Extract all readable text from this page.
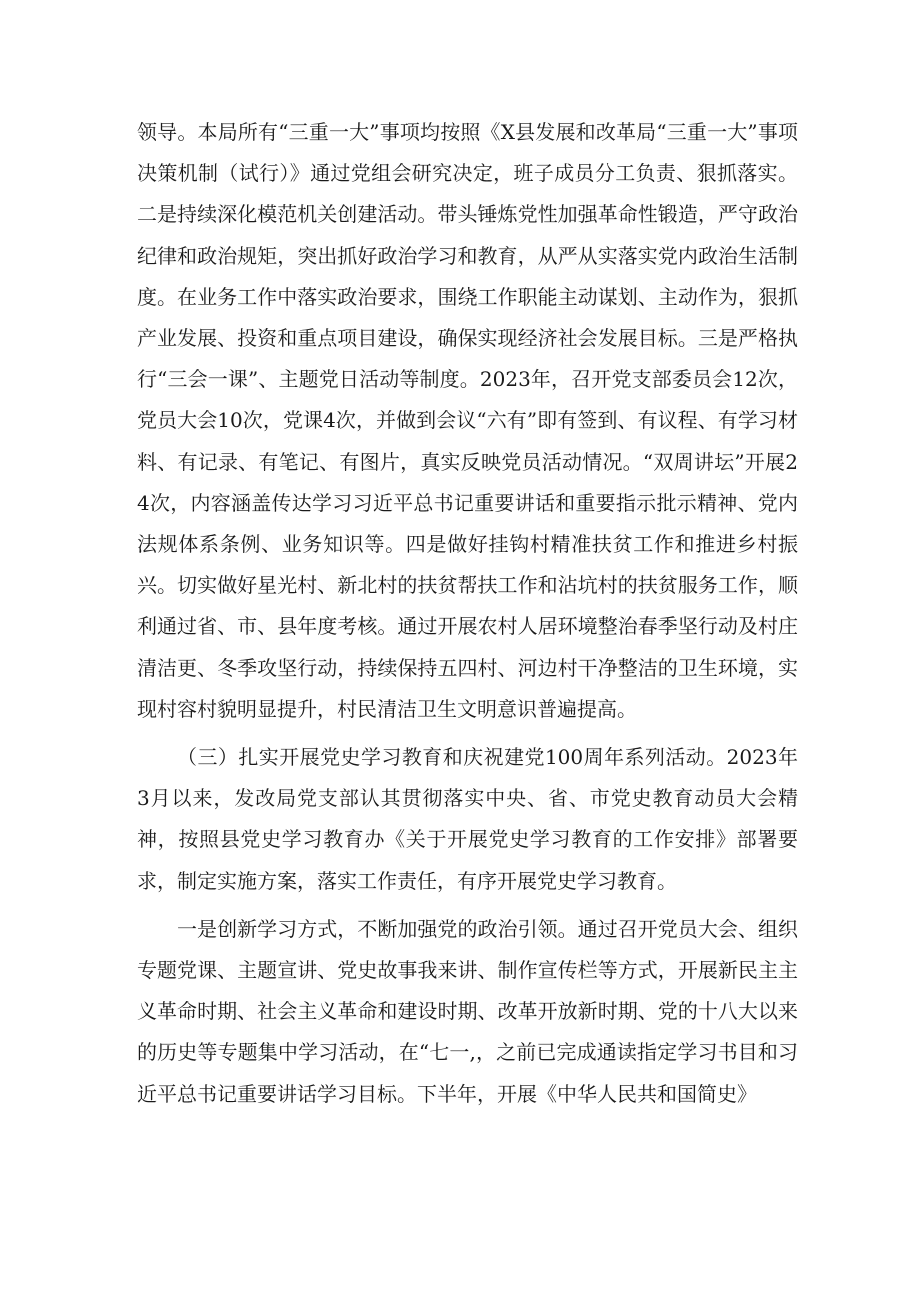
领导。本局所有“三重一大”事项均按照《X县发展和改革局“三重一大”事项决策机制（试行）》通过党组会研究决定，班子成员分工负责、狠抓落实。二是持续深化模范机关创建活动。带头锤炼党性加强革命性锻造，严守政治纪律和政治规矩，突出抓好政治学习和教育，从严从实落实党内政治生活制度。在业务工作中落实政治要求，围绕工作职能主动谋划、主动作为，狠抓产业发展、投资和重点项目建设，确保实现经济社会发展目标。三是严格执行“三会一课”、主题党日活动等制度。2023年，召开党支部委员会12次，党员大会10次，党课4次，并做到会议“六有”即有签到、有议程、有学习材料、有记录、有笔记、有图片，真实反映党员活动情况。“双周讲坛”开展24次，内容涵盖传达学习习近平总书记重要讲话和重要指示批示精神、党内法规体系条例、业务知识等。四是做好挂钩村精准扶贫工作和推进乡村振兴。切实做好星光村、新北村的扶贫帮扶工作和沾坑村的扶贫服务工作，顺利通过省、市、县年度考核。通过开展农村人居环境整治春季坚行动及村庄清洁更、冬季攻坚行动，持续保持五四村、河边村干净整洁的卫生环境，实现村容村貌明显提升，村民清洁卫生文明意识普遍提高。

（三）扎实开展党史学习教育和庆祝建党100周年系列活动。2023年3月以来，发改局党支部认其贯彻落实中央、省、市党史教育动员大会精神，按照县党史学习教育办《关于开展党史学习教育的工作安排》部署要求，制定实施方案，落实工作责任，有序开展党史学习教育。

一是创新学习方式，不断加强党的政治引领。通过召开党员大会、组织专题党课、主题宣讲、党史故事我来讲、制作宣传栏等方式，开展新民主主义革命时期、社会主义革命和建设时期、改革开放新时期、党的十八大以来的历史等专题集中学习活动，在“七一,，之前已完成通读指定学习书目和习近平总书记重要讲话学习目标。下半年，开展《中华人民共和国简史》
